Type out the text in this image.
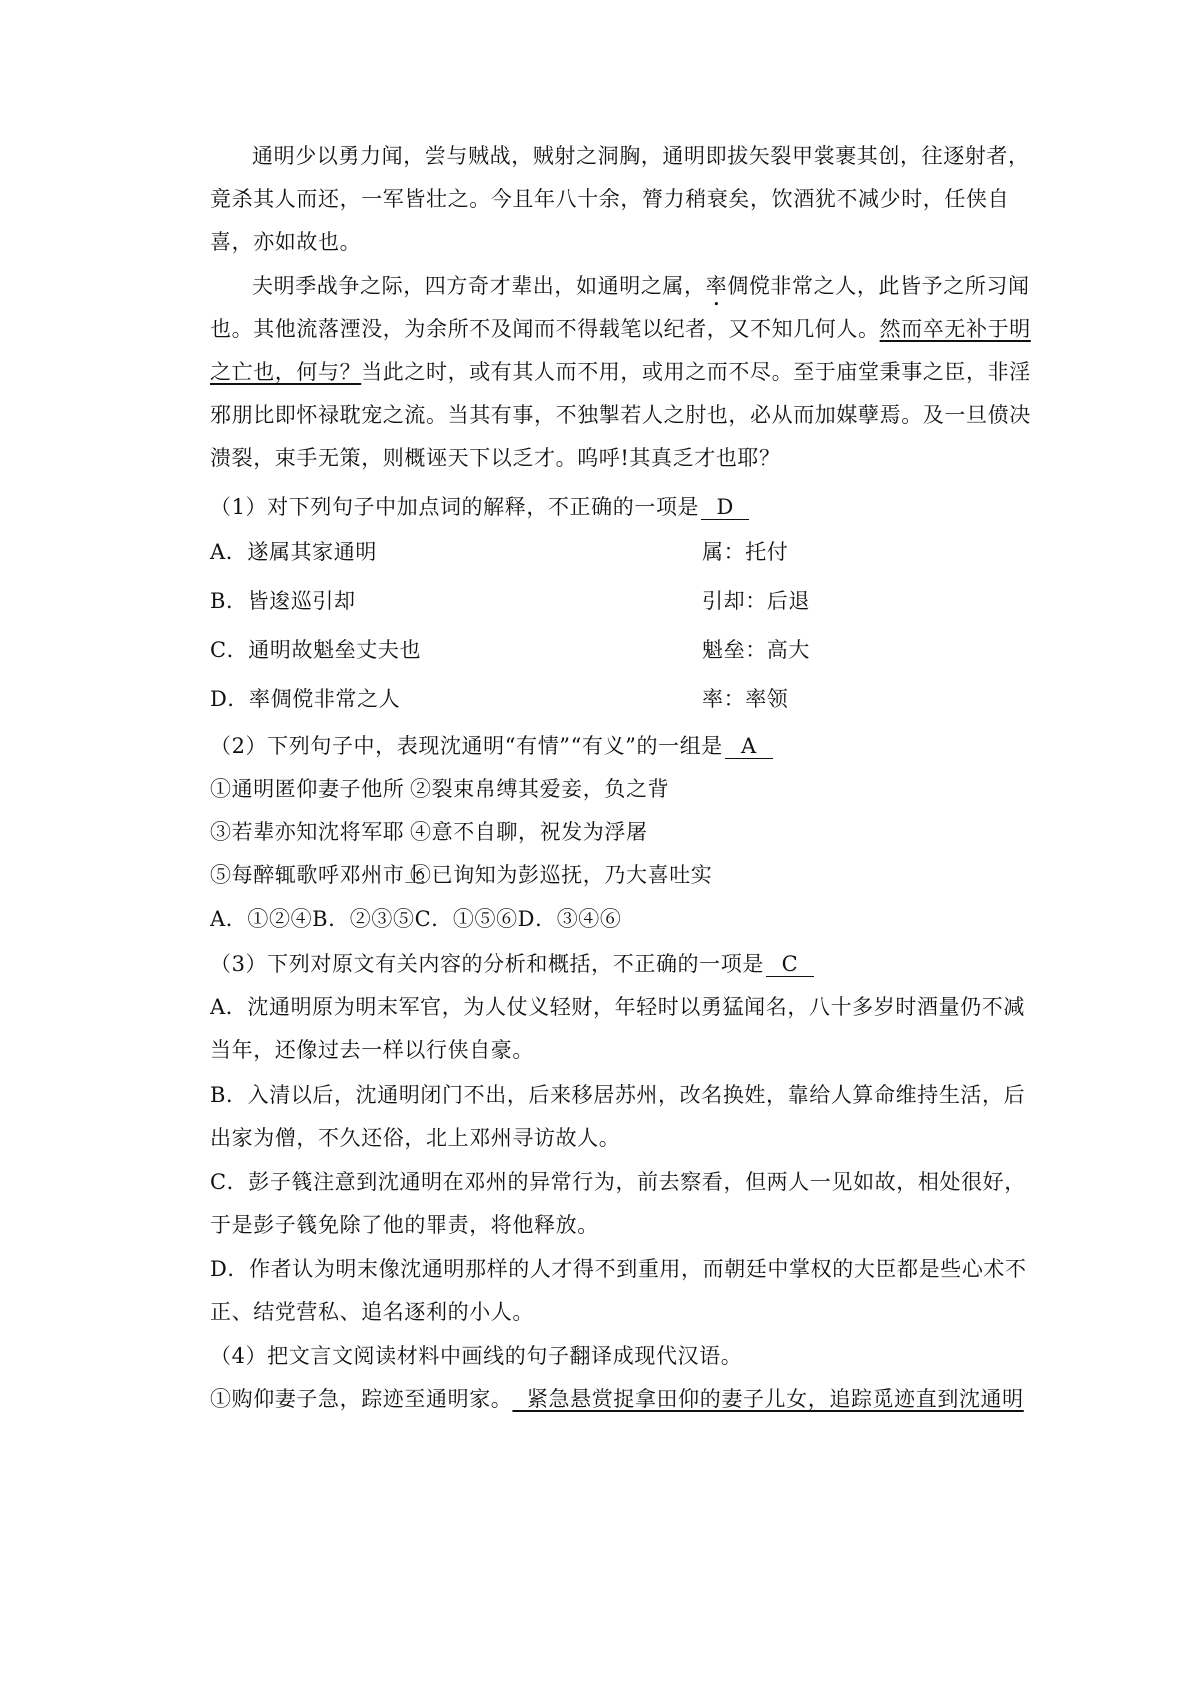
通明少以勇力闻，尝与贼战，贼射之洞胸，通明即拔矢裂甲裳裹其创，往逐射者，
竟杀其人而还，一军皆壮之。今且年八十余，膂力稍衰矣，饮酒犹不减少时，任侠自
喜，亦如故也。
夫明季战争之际，四方奇才辈出，如通明之属，率倜傥非常之人，此皆予之所习闻
也。其他流落湮没，为余所不及闻而不得载笔以纪者，又不知几何人。然而卒无补于明
之亡也，何与？当此之时，或有其人而不用，或用之而不尽。至于庙堂秉事之臣，非淫
邪朋比即怀禄耽宠之流。当其有事，不独掣若人之肘也，必从而加媒孽焉。及一旦偾决
溃裂，束手无策，则概诬天下以乏才。呜呼!其真乏才也耶？
（1）对下列句子中加点词的解释，不正确的一项是 D
A．遂属其家通明	属：托付
B．皆逡巡引却	引却：后退
C．通明故魁垒丈夫也	魁垒：高大
D．率倜傥非常之人	率：率领
（2）下列句子中，表现沈通明“有情”“有义”的一组是 A
①通明匿仰妻子他所 ②裂束帛缚其爱妾，负之背
③若辈亦知沈将军耶 ④意不自聊，祝发为浮屠
⑤每醉辄歌呼邓州市上
⑥已询知为彭巡抚，乃大喜吐实
A．①②④B．②③⑤C．①⑤⑥D．③④⑥
（3）下列对原文有关内容的分析和概括，不正确的一项是 C
A．沈通明原为明末军官，为人仗义轻财，年轻时以勇猛闻名，八十多岁时酒量仍不减
当年，还像过去一样以行侠自豪。
B．入清以后，沈通明闭门不出，后来移居苏州，改名换姓，靠给人算命维持生活，后
出家为僧，不久还俗，北上邓州寻访故人。
C．彭子篯注意到沈通明在邓州的异常行为，前去察看，但两人一见如故，相处很好，
于是彭子篯免除了他的罪责，将他释放。
D．作者认为明末像沈通明那样的人才得不到重用，而朝廷中掌权的大臣都是些心术不
正、结党营私、追名逐利的小人。
（4）把文言文阅读材料中画线的句子翻译成现代汉语。
①购仰妻子急，踪迹至通明家。  紧急悬赏捉拿田仰的妻子儿女，追踪觅迹直到沈通明
